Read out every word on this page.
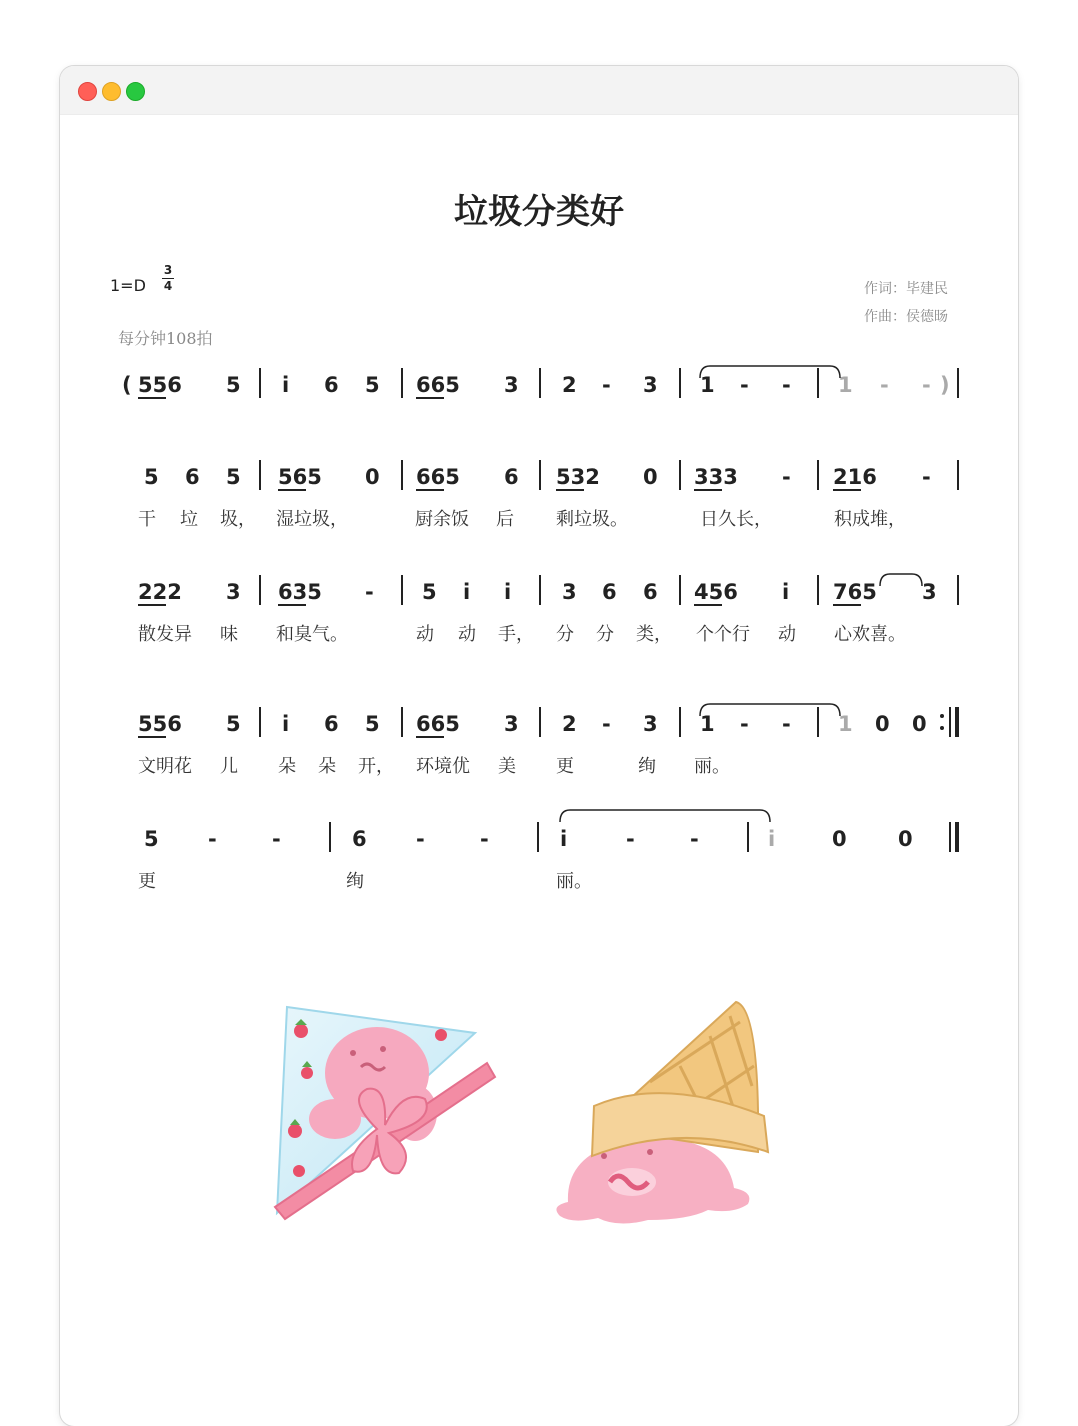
垃圾分类好
1=D
3
4
每分钟108拍
作词：毕建民
作曲：侯德旸
( 556 5 i 6 5 665 3 2 - 3 1 - - 1 - - )
5 6 5 565 0 665 6 532 0 333 - 216 -
干 垃 圾， 湿垃圾，	厨余饭 后 剩垃圾。	日久长，	积成堆，
222 3 635 - 5 i i 3 6 6 456 i 765 3
散发异 味 和臭气。	动 动 手， 分 分 类， 个个行 动 心欢喜。
556 5 i 6 5 665 3 2 - 3 1 - - 1 0 0
文明花 儿 朵 朵 开， 环境优 美 更	绚 丽。
5 -	-	6 -	-	i	-	-	i	0 0
更	绚	丽。
